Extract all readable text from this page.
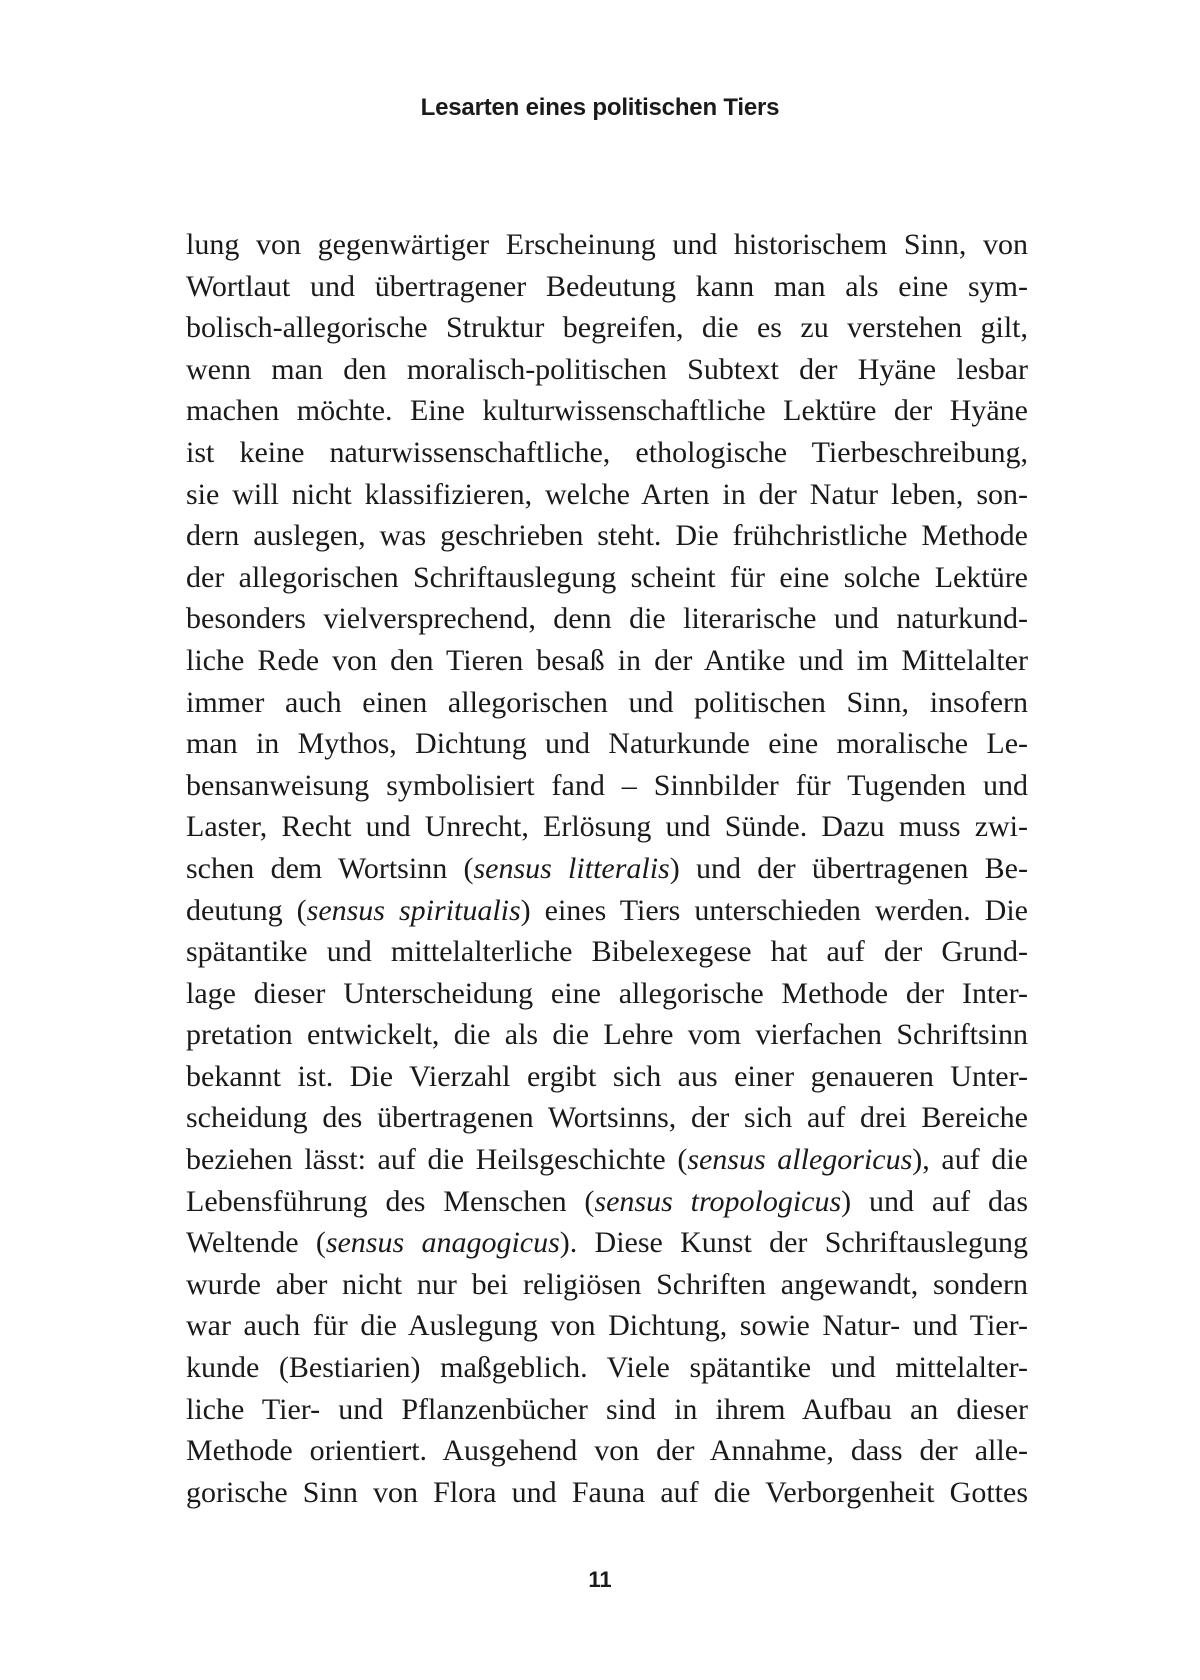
Lesarten eines politischen Tiers
lung von gegenwärtiger Erscheinung und historischem Sinn, von
Wortlaut und übertragener Bedeutung kann man als eine sym-
bolisch-allegorische Struktur begreifen, die es zu verstehen gilt,
wenn man den moralisch-politischen Subtext der Hyäne lesbar
machen möchte. Eine kulturwissenschaftliche Lektüre der Hyäne
ist keine naturwissenschaftliche, ethologische Tierbeschreibung,
sie will nicht klassifizieren, welche Arten in der Natur leben, son-
dern auslegen, was geschrieben steht. Die frühchristliche Methode
der allegorischen Schriftauslegung scheint für eine solche Lektüre
besonders vielversprechend, denn die literarische und naturkund-
liche Rede von den Tieren besaß in der Antike und im Mittelalter
immer auch einen allegorischen und politischen Sinn, insofern
man in Mythos, Dichtung und Naturkunde eine moralische Le-
bensanweisung symbolisiert fand – Sinnbilder für Tugenden und
Laster, Recht und Unrecht, Erlösung und Sünde. Dazu muss zwi-
schen dem Wortsinn (sensus litteralis) und der übertragenen Be-
deutung (sensus spiritualis) eines Tiers unterschieden werden. Die
spätantike und mittelalterliche Bibelexegese hat auf der Grund-
lage dieser Unterscheidung eine allegorische Methode der Inter-
pretation entwickelt, die als die Lehre vom vierfachen Schriftsinn
bekannt ist. Die Vierzahl ergibt sich aus einer genaueren Unter-
scheidung des übertragenen Wortsinns, der sich auf drei Bereiche
beziehen lässt: auf die Heilsgeschichte (sensus allegoricus), auf die
Lebensführung des Menschen (sensus tropologicus) und auf das
Weltende (sensus anagogicus). Diese Kunst der Schriftauslegung
wurde aber nicht nur bei religiösen Schriften angewandt, sondern
war auch für die Auslegung von Dichtung, sowie Natur- und Tier-
kunde (Bestiarien) maßgeblich. Viele spätantike und mittelalter-
liche Tier- und Pflanzenbücher sind in ihrem Aufbau an dieser
Methode orientiert. Ausgehend von der Annahme, dass der alle-
gorische Sinn von Flora und Fauna auf die Verborgenheit Gottes
11
